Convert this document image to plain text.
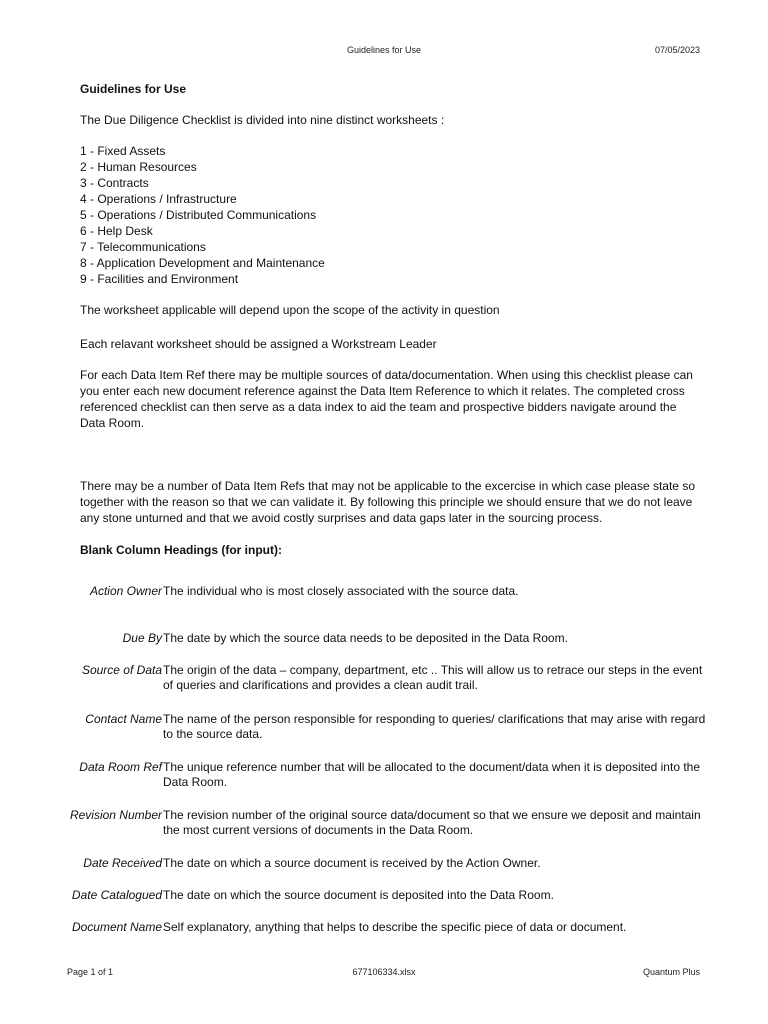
Guidelines for Use	07/05/2023
Guidelines for Use

The Due Diligence Checklist is divided into nine distinct worksheets :

1 - Fixed Assets
2 - Human Resources
3 - Contracts
4 - Operations / Infrastructure
5 - Operations / Distributed Communications
6 - Help Desk
7 - Telecommunications
8 - Application Development and Maintenance
9 - Facilities and Environment

The worksheet applicable will depend upon the scope of the activity in question

Each relavant worksheet should be assigned a Workstream Leader

For each Data Item Ref there may be multiple sources of data/documentation. When using this checklist please can you enter each new document reference against the Data Item Reference to which it relates. The completed cross referenced checklist can then serve as a data index to aid the team and prospective bidders navigate around the Data Room.

There may be a number of Data Item Refs that may not be applicable to the excercise in which case please state so together with the reason so that we can validate it. By following this principle we should ensure that we do not leave any stone unturned and that we avoid costly surprises and data gaps later in the sourcing process.

Blank Column Headings (for input):
Action Owner The individual who is most closely associated with the source data.
Due By The date by which the source data needs to be deposited in the Data Room.
Source of Data The origin of the data – company, department, etc .. This will allow us to retrace our steps in the event of queries and clarifications and provides a clean audit trail.
Contact Name The name of the person responsible for responding to queries/ clarifications that may arise with regard to the source data.
Data Room Ref The unique reference number that will be allocated to the document/data when it is deposited into the Data Room.
Revision Number The revision number of the original source data/document so that we ensure we deposit and maintain the most current versions of documents in the Data Room.
Date Received The date on which a source document is received by the Action Owner.
Date Catalogued The date on which the source document is deposited into the Data Room.
Document Name Self explanatory, anything that helps to describe the specific piece of data or document.
Page 1 of 1	677106334.xlsx	Quantum Plus
